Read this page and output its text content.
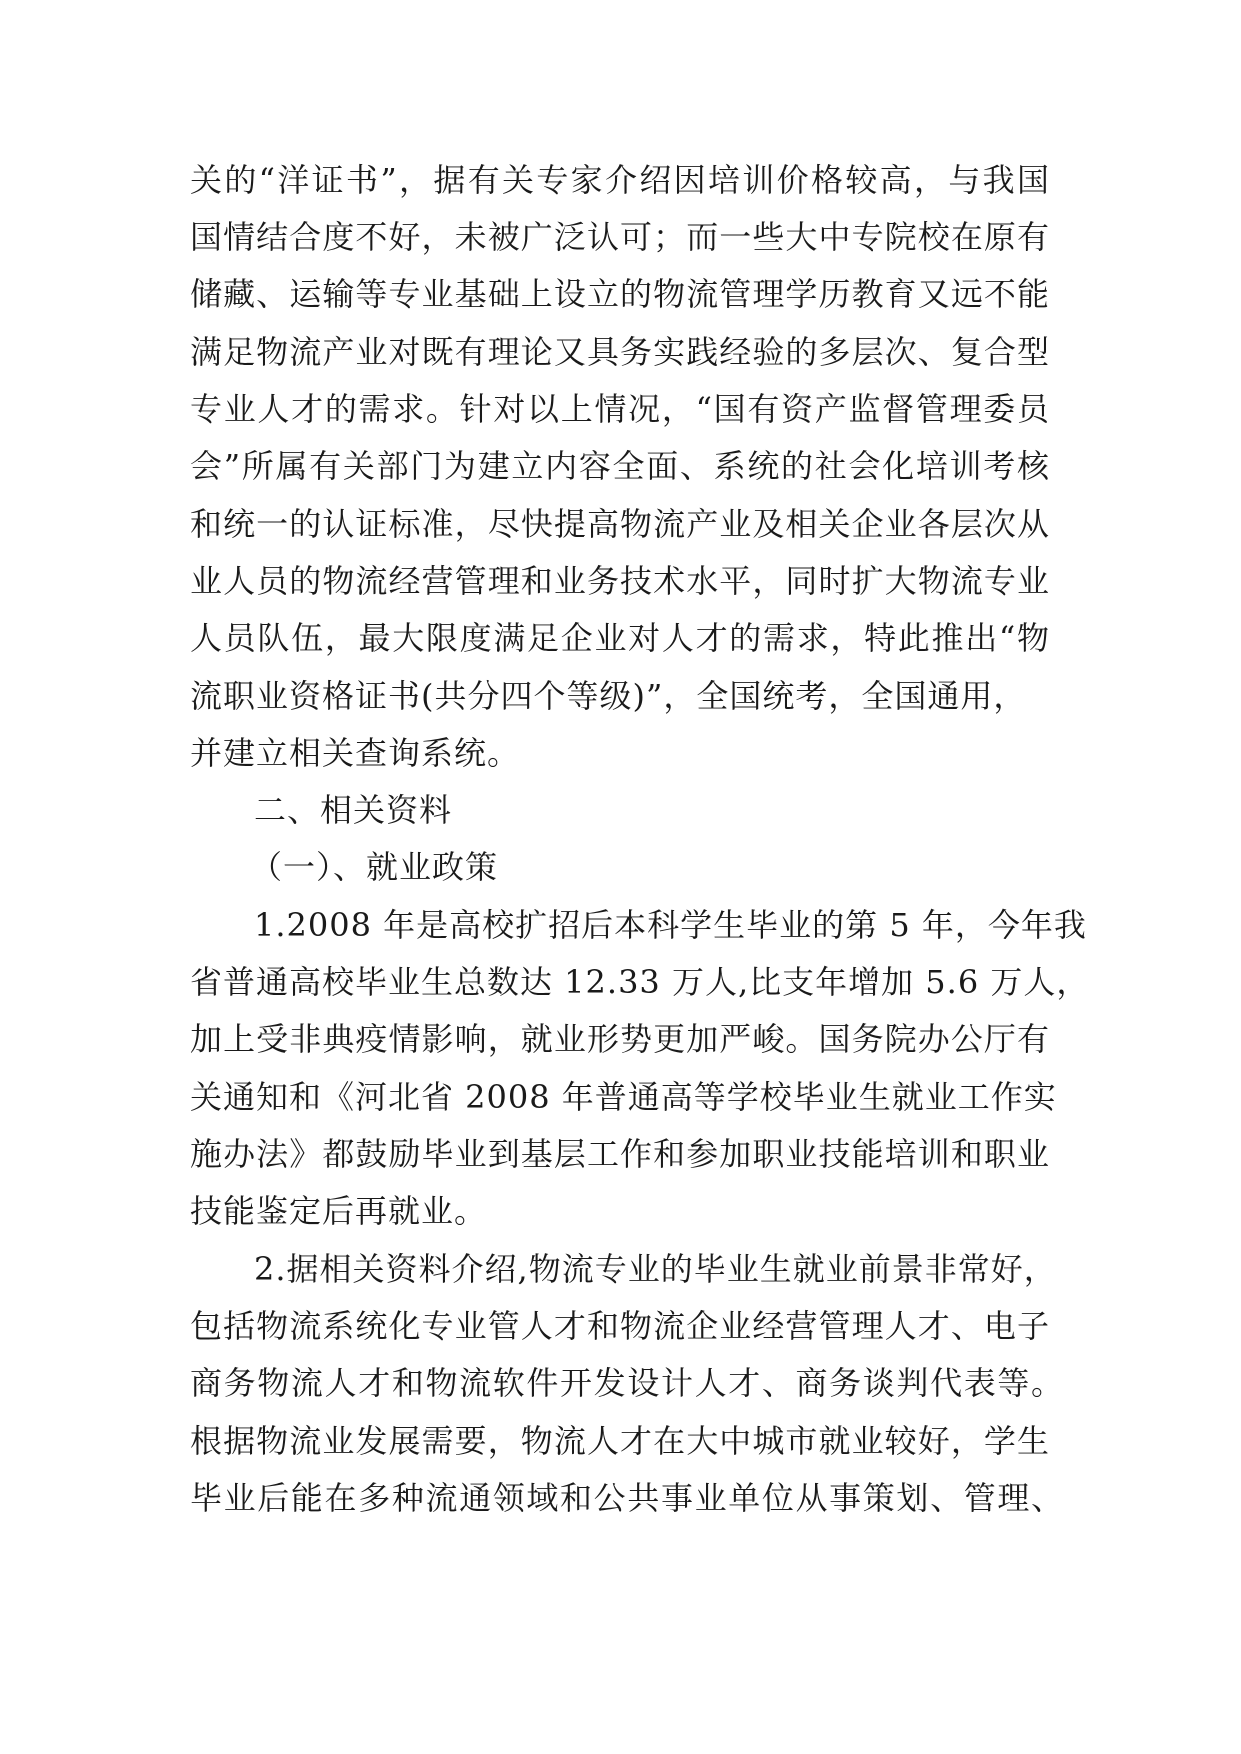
关的“洋证书”，据有关专家介绍因培训价格较高，与我国
国情结合度不好，未被广泛认可；而一些大中专院校在原有
储藏、运输等专业基础上设立的物流管理学历教育又远不能
满足物流产业对既有理论又具务实践经验的多层次、复合型
专业人才的需求。针对以上情况，“国有资产监督管理委员
会”所属有关部门为建立内容全面、系统的社会化培训考核
和统一的认证标准，尽快提高物流产业及相关企业各层次从
业人员的物流经营管理和业务技术水平，同时扩大物流专业
人员队伍，最大限度满足企业对人才的需求，特此推出“物
流职业资格证书(共分四个等级)”，全国统考，全国通用，
并建立相关查询系统。
二、相关资料
（一）、就业政策
1.2008 年是高校扩招后本科学生毕业的第 5 年，今年我
省普通高校毕业生总数达 12.33 万人,比支年增加 5.6 万人，
加上受非典疫情影响，就业形势更加严峻。国务院办公厅有
关通知和《河北省 2008 年普通高等学校毕业生就业工作实
施办法》都鼓励毕业到基层工作和参加职业技能培训和职业
技能鉴定后再就业。
2.据相关资料介绍,物流专业的毕业生就业前景非常好，
包括物流系统化专业管人才和物流企业经营管理人才、电子
商务物流人才和物流软件开发设计人才、商务谈判代表等。
根据物流业发展需要，物流人才在大中城市就业较好，学生
毕业后能在多种流通领域和公共事业单位从事策划、管理、
